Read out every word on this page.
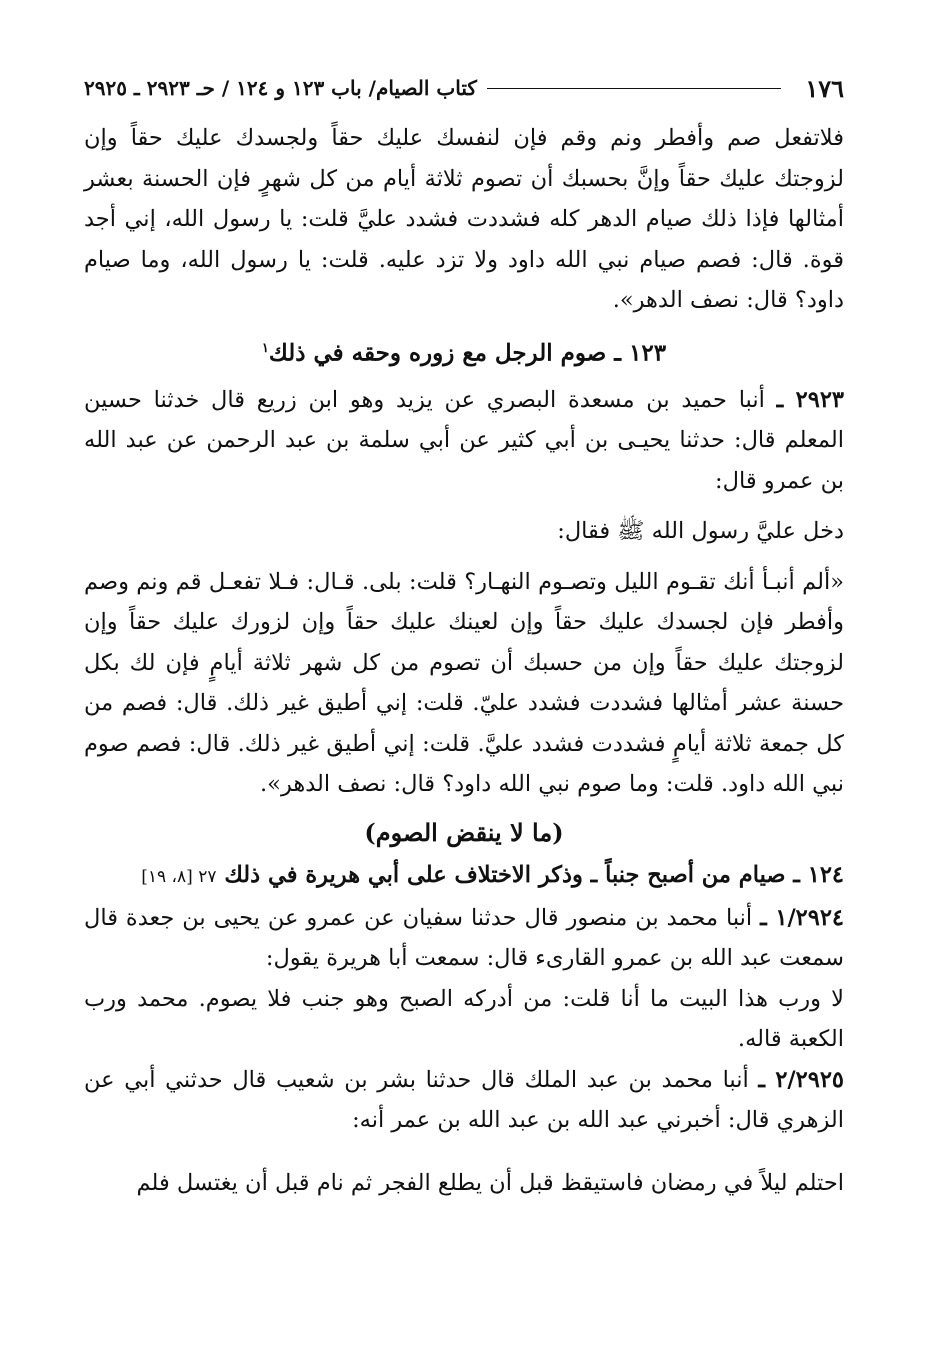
١٧٦
كتاب الصيام/ باب ١٢٣ و ١٢٤ / حـ ٢٩٢٣ ـ ٢٩٢٥

فلاتفعل صم وأفطر ونم وقم فإن لنفسك عليك حقاً ولجسدك عليك حقاً وإن لزوجتك عليك حقاً وإنَّ بحسبك أن تصوم ثلاثة أيام من كل شهرٍ فإن الحسنة بعشر أمثالها فإذا ذلك صيام الدهر كله فشددت فشدد عليَّ قلت: يا رسول الله، إني أجد قوة. قال: فصم صيام نبي الله داود ولا تزد عليه. قلت: يا رسول الله، وما صيام داود؟ قال: نصف الدهر».

١٢٣ ـ صوم الرجل مع زوره وحقه في ذلك$^١$

٢٩٢٣ ـ أنبا حميد بن مسعدة البصري عن يزيد وهو ابن زريع قال خدثنا حسين المعلم قال: حدثنا يحيـى بن أبي كثير عن أبي سلمة بن عبد الرحمن عن عبد الله بن عمرو قال:

دخل عليَّ رسول الله ﷺ فقال:

«ألم أنبـأ أنك تقـوم الليل وتصـوم النهـار؟ قلت: بلى. قـال: فـلا تفعـل قم ونم وصم وأفطر فإن لجسدك عليك حقاً وإن لعينك عليك حقاً وإن لزورك عليك حقاً وإن لزوجتك عليك حقاً وإن من حسبك أن تصوم من كل شهر ثلاثة أيامٍ فإن لك بكل حسنة عشر أمثالها فشددت فشدد عليّ. قلت: إني أطيق غير ذلك. قال: فصم من كل جمعة ثلاثة أيامٍ فشددت فشدد عليَّ. قلت: إني أطيق غير ذلك. قال: فصم صوم نبي الله داود. قلت: وما صوم نبي الله داود؟ قال: نصف الدهر».

(ما لا ينقض الصوم)

١٢٤ ـ صيام من أصبح جنباً ـ وذكر الاختلاف على أبي هريرة في ذلك ٢٧ [٨، ١٩]

١/٢٩٢٤ ـ أنبا محمد بن منصور قال حدثنا سفيان عن عمرو عن يحيى بن جعدة قال سمعت عبد الله بن عمرو القارىء قال: سمعت أبا هريرة يقول:

لا ورب هذا البيت ما أنا قلت: من أدركه الصبح وهو جنب فلا يصوم. محمد ورب الكعبة قاله.

٢/٢٩٢٥ ـ أنبا محمد بن عبد الملك قال حدثنا بشر بن شعيب قال حدثني أبي عن الزهري قال: أخبرني عبد الله بن عبد الله بن عمر أنه:

احتلم ليلاً في رمضان فاستيقظ قبل أن يطلع الفجر ثم نام قبل أن يغتسل فلم
